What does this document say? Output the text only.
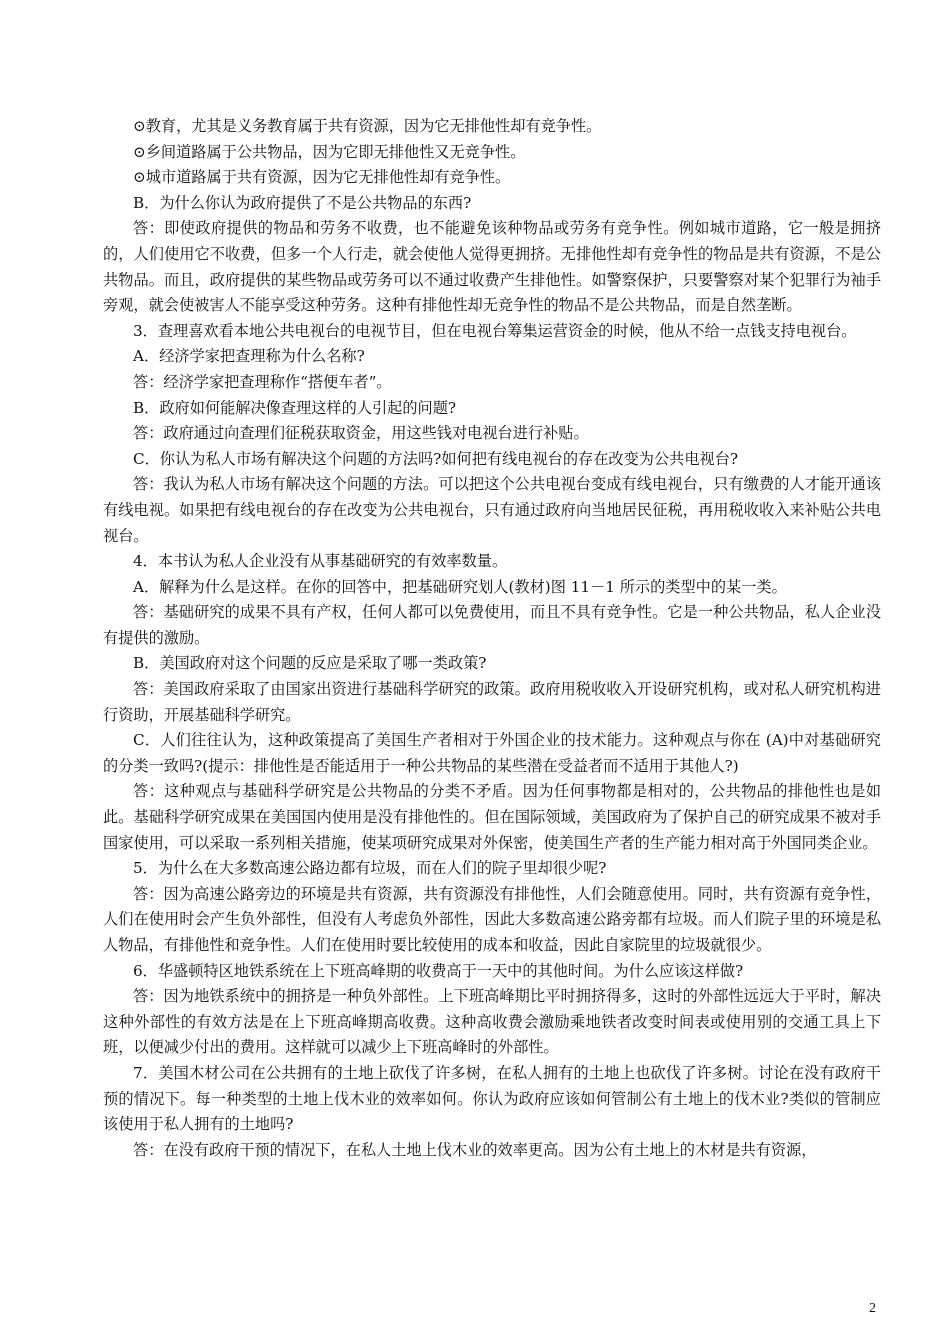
⊙教育，尤其是义务教育属于共有资源，因为它无排他性却有竞争性。

⊙乡间道路属于公共物品，因为它即无排他性又无竞争性。

⊙城市道路属于共有资源，因为它无排他性却有竞争性。

B．为什么你认为政府提供了不是公共物品的东西?

答：即使政府提供的物品和劳务不收费，也不能避免该种物品或劳务有竞争性。例如城市道路，它一般是拥挤的，人们使用它不收费，但多一个人行走，就会使他人觉得更拥挤。无排他性却有竞争性的物品是共有资源，不是公共物品。而且，政府提供的某些物品或劳务可以不通过收费产生排他性。如警察保护，只要警察对某个犯罪行为袖手旁观，就会使被害人不能享受这种劳务。这种有排他性却无竞争性的物品不是公共物品，而是自然垄断。

3．查理喜欢看本地公共电视台的电视节目，但在电视台筹集运营资金的时候，他从不给一点钱支持电视台。

A．经济学家把查理称为什么名称?

答：经济学家把查理称作“搭便车者”。

B．政府如何能解决像查理这样的人引起的问题?

答：政府通过向查理们征税获取资金，用这些钱对电视台进行补贴。

C．你认为私人市场有解决这个问题的方法吗?如何把有线电视台的存在改变为公共电视台?

答：我认为私人市场有解决这个问题的方法。可以把这个公共电视台变成有线电视台，只有缴费的人才能开通该有线电视。如果把有线电视台的存在改变为公共电视台，只有通过政府向当地居民征税，再用税收收入来补贴公共电视台。

4．本书认为私人企业没有从事基础研究的有效率数量。

A．解释为什么是这样。在你的回答中，把基础研究划人(教材)图 11－1 所示的类型中的某一类。

答：基础研究的成果不具有产权，任何人都可以免费使用，而且不具有竞争性。它是一种公共物品，私人企业没有提供的激励。

B．美国政府对这个问题的反应是采取了哪一类政策?

答：美国政府采取了由国家出资进行基础科学研究的政策。政府用税收收入开设研究机构，或对私人研究机构进行资助，开展基础科学研究。

C．人们往往认为，这种政策提高了美国生产者相对于外国企业的技术能力。这种观点与你在 (A)中对基础研究的分类一致吗?(提示：排他性是否能适用于一种公共物品的某些潜在受益者而不适用于其他人?)

答：这种观点与基础科学研究是公共物品的分类不矛盾。因为任何事物都是相对的，公共物品的排他性也是如此。基础科学研究成果在美国国内使用是没有排他性的。但在国际领域，美国政府为了保护自己的研究成果不被对手国家使用，可以采取一系列相关措施，使某项研究成果对外保密，使美国生产者的生产能力相对高于外国同类企业。

5．为什么在大多数高速公路边都有垃圾，而在人们的院子里却很少呢?

答：因为高速公路旁边的环境是共有资源，共有资源没有排他性，人们会随意使用。同时，共有资源有竞争性，人们在使用时会产生负外部性，但没有人考虑负外部性，因此大多数高速公路旁都有垃圾。而人们院子里的环境是私人物品，有排他性和竞争性。人们在使用时要比较使用的成本和收益，因此自家院里的垃圾就很少。

6．华盛顿特区地铁系统在上下班高峰期的收费高于一天中的其他时间。为什么应该这样做?

答：因为地铁系统中的拥挤是一种负外部性。上下班高峰期比平时拥挤得多，这时的外部性远远大于平时，解决这种外部性的有效方法是在上下班高峰期高收费。这种高收费会激励乘地铁者改变时间表或使用别的交通工具上下班，以便减少付出的费用。这样就可以减少上下班高峰时的外部性。

7．美国木材公司在公共拥有的土地上砍伐了许多树，在私人拥有的土地上也砍伐了许多树。讨论在没有政府干预的情况下。每一种类型的土地上伐木业的效率如何。你认为政府应该如何管制公有土地上的伐木业?类似的管制应该使用于私人拥有的土地吗?

答：在没有政府干预的情况下，在私人土地上伐木业的效率更高。因为公有土地上的木材是共有资源，

2
